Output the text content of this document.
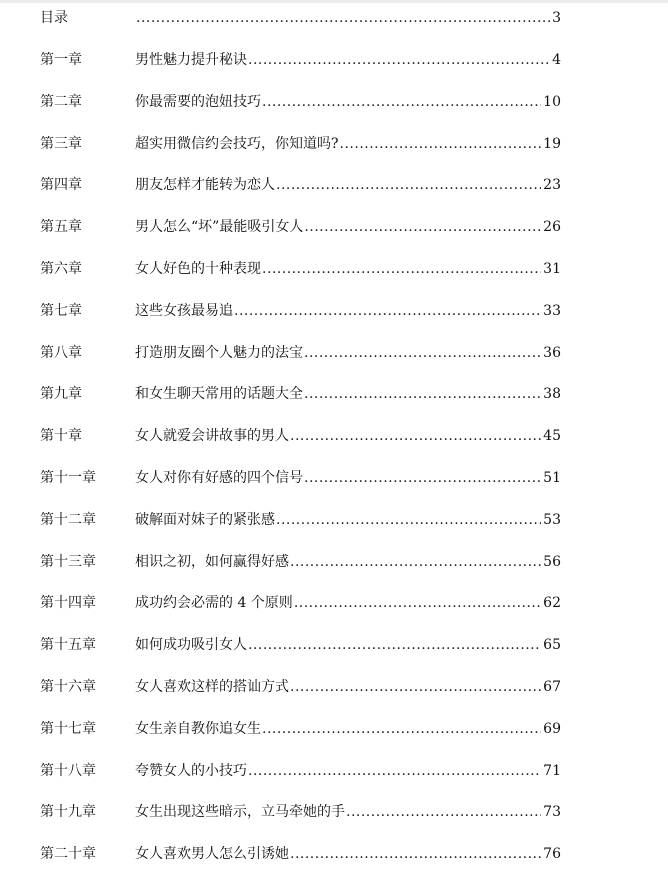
目录 .....	3
第一章	男性魅力提升秘诀 .....	4
第二章	你最需要的泡妞技巧 .....	10
第三章	超实用微信约会技巧，你知道吗? .....	19
第四章	朋友怎样才能转为恋人 .....	23
第五章	男人怎么“坏”最能吸引女人 .....	26
第六章	女人好色的十种表现 .....	31
第七章	这些女孩最易追 .....	33
第八章	打造朋友圈个人魅力的法宝 .....	36
第九章	和女生聊天常用的话题大全 .....	38
第十章	女人就爱会讲故事的男人 .....	45
第十一章	女人对你有好感的四个信号 .....	51
第十二章	破解面对妹子的紧张感 .....	53
第十三章	相识之初，如何赢得好感 .....	56
第十四章	成功约会必需的 4 个原则 .....	62
第十五章	如何成功吸引女人 .....	65
第十六章	女人喜欢这样的搭讪方式 .....	67
第十七章	女生亲自教你追女生 .....	69
第十八章	夸赞女人的小技巧 .....	71
第十九章	女生出现这些暗示，立马牵她的手 .....	73
第二十章	女人喜欢男人怎么引诱她 .....	76
